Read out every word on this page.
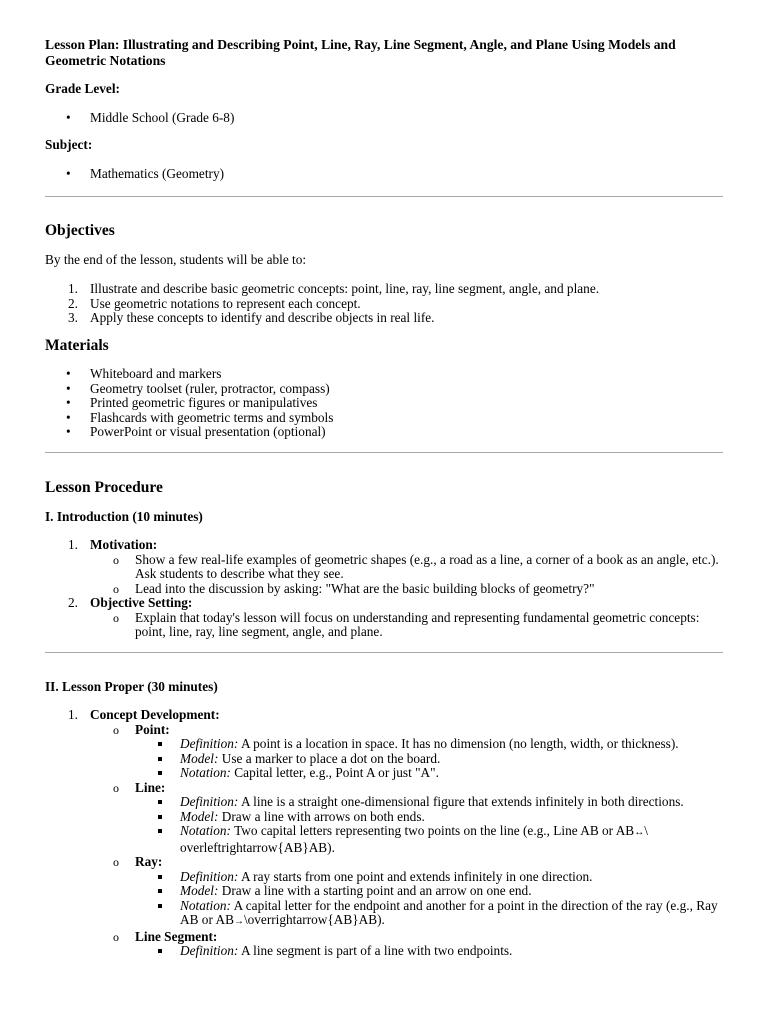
Lesson Plan: Illustrating and Describing Point, Line, Ray, Line Segment, Angle, and Plane Using Models and Geometric Notations
Grade Level:
• Middle School (Grade 6-8)
Subject:
• Mathematics (Geometry)
Objectives
By the end of the lesson, students will be able to:
1. Illustrate and describe basic geometric concepts: point, line, ray, line segment, angle, and plane.
2. Use geometric notations to represent each concept.
3. Apply these concepts to identify and describe objects in real life.
Materials
• Whiteboard and markers
• Geometry toolset (ruler, protractor, compass)
• Printed geometric figures or manipulatives
• Flashcards with geometric terms and symbols
• PowerPoint or visual presentation (optional)
Lesson Procedure
I. Introduction (10 minutes)
1. Motivation:
o Show a few real-life examples of geometric shapes (e.g., a road as a line, a corner of a book as an angle, etc.). Ask students to describe what they see.
o Lead into the discussion by asking: "What are the basic building blocks of geometry?"
2. Objective Setting:
o Explain that today's lesson will focus on understanding and representing fundamental geometric concepts: point, line, ray, line segment, angle, and plane.
II. Lesson Proper (30 minutes)
1. Concept Development:
o Point:
Definition: A point is a location in space. It has no dimension (no length, width, or thickness).
Model: Use a marker to place a dot on the board.
Notation: Capital letter, e.g., Point A or just "A".
o Line:
Definition: A line is a straight one-dimensional figure that extends infinitely in both directions.
Model: Draw a line with arrows on both ends.
Notation: Two capital letters representing two points on the line (e.g., Line AB or AB↔\ overleftrightarrow{AB}AB).
o Ray:
Definition: A ray starts from one point and extends infinitely in one direction.
Model: Draw a line with a starting point and an arrow on one end.
Notation: A capital letter for the endpoint and another for a point in the direction of the ray (e.g., Ray AB or AB→\overrightarrow{AB}AB).
o Line Segment:
Definition: A line segment is part of a line with two endpoints.
